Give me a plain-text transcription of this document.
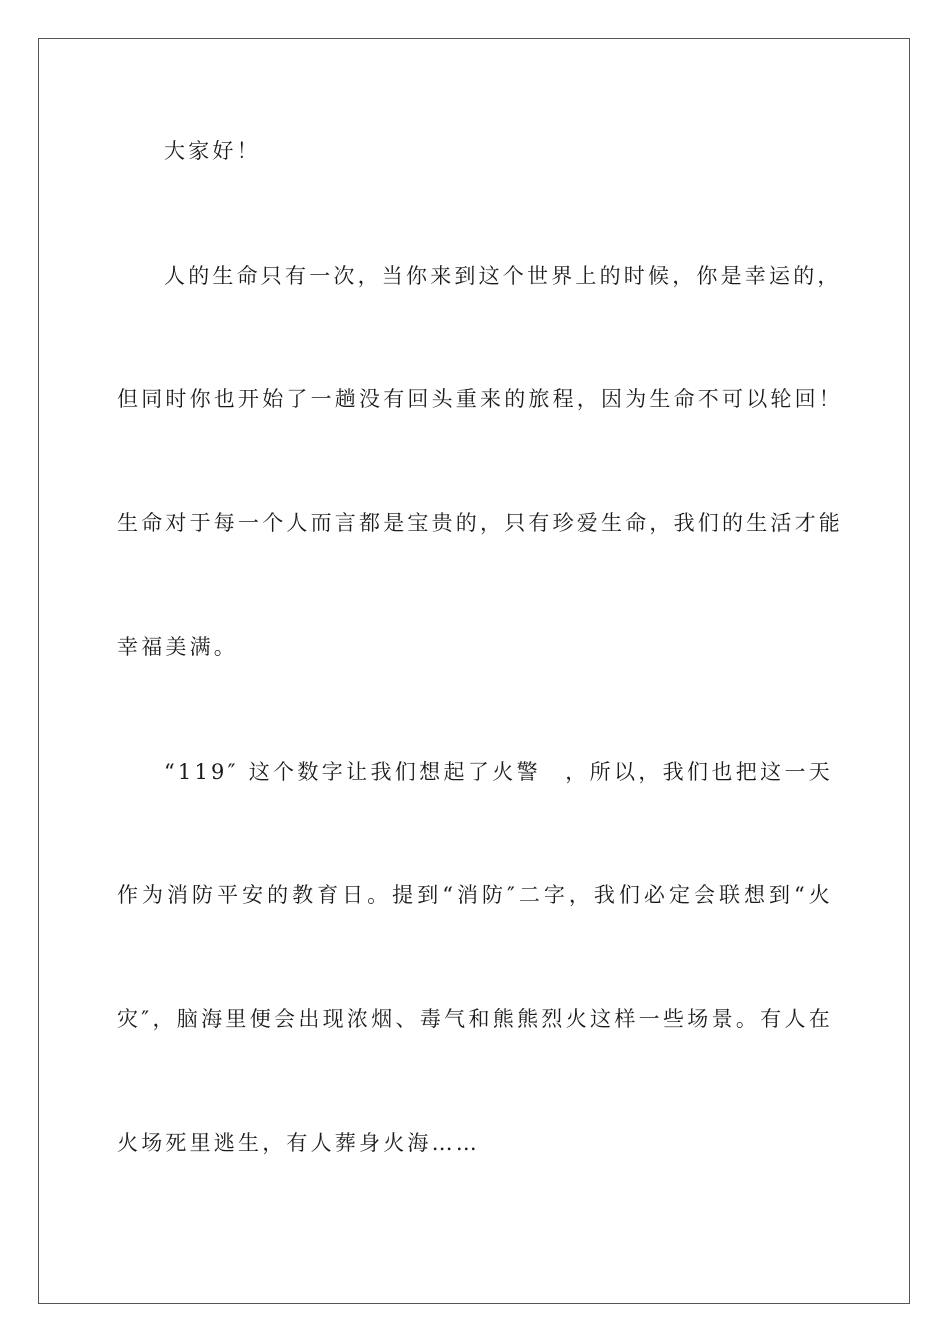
大家好！
人的生命只有一次，当你来到这个世界上的时候，你是幸运的，
但同时你也开始了一趟没有回头重来的旅程，因为生命不可以轮回！
生命对于每一个人而言都是宝贵的，只有珍爱生命，我们的生活才能
幸福美满。
“119″ 这个数字让我们想起了火警　，所以，我们也把这一天
作为消防平安的教育日。提到“消防″二字，我们必定会联想到“火
灾″，脑海里便会出现浓烟、毒气和熊熊烈火这样一些场景。有人在
火场死里逃生，有人葬身火海……
